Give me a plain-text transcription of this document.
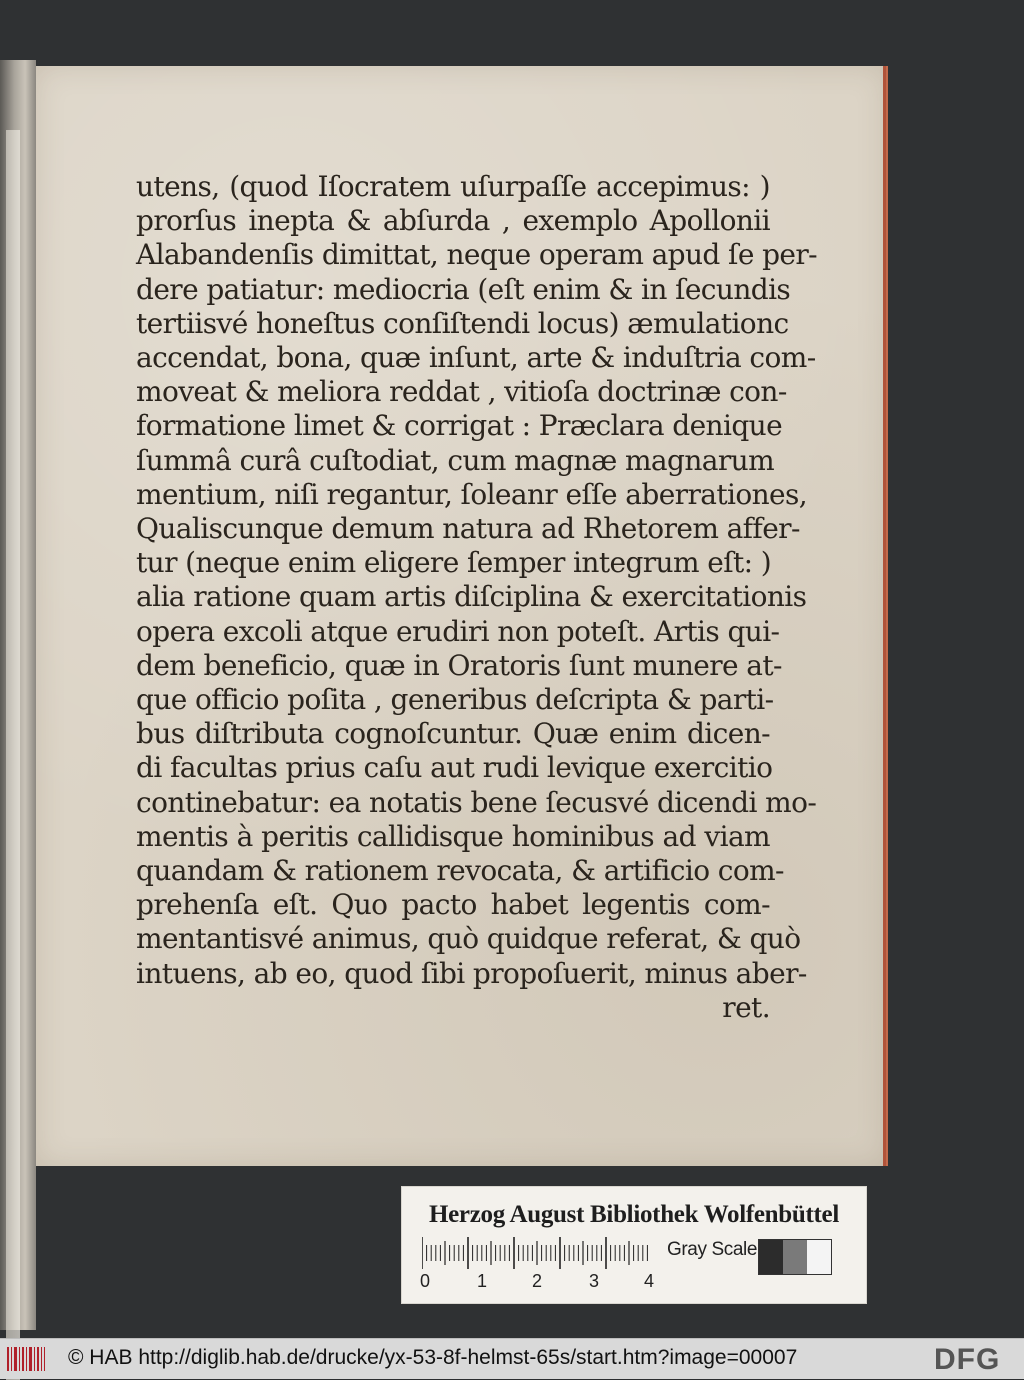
utens, (quod Iſocratem uſurpaſſe accepimus: )
prorſus inepta & abſurda , exemplo Apollonii
Alabandenſis dimittat, neque operam apud ſe per-
dere patiatur: mediocria (eſt enim & in ſecundis
tertiisvé honeſtus conſiſtendi locus) æmulationc
accendat, bona, quæ inſunt, arte & induſtria com-
moveat & meliora reddat , vitioſa doctrinæ con-
formatione limet & corrigat : Præclara denique
ſummâ curâ cuſtodiat, cum magnæ magnarum
mentium, niſi regantur, ſoleanr eſſe aberrationes,
Qualiscunque demum natura ad Rhetorem affer-
tur (neque enim eligere ſemper integrum eſt: )
alia ratione quam artis diſciplina & exercitationis
opera excoli atque erudiri non poteſt. Artis qui-
dem beneficio, quæ in Oratoris ſunt munere at-
que officio poſita , generibus deſcripta & parti-
bus diſtributa cognoſcuntur. Quæ enim dicen-
di facultas prius caſu aut rudi levique exercitio
continebatur: ea notatis bene ſecusvé dicendi mo-
mentis à peritis callidisque hominibus ad viam
quandam & rationem revocata, & artificio com-
prehenſa eſt. Quo pacto habet legentis com-
mentantisvé animus, quò quidque referat, & quò
intuens, ab eo, quod ſibi propoſuerit, minus aber-
ret.
Herzog August Bibliothek Wolfenbüttel
0	1 2	3 4
Gray Scale
© HAB http://diglib.hab.de/drucke/yx-53-8f-helmst-65s/start.htm?image=00007	DFG
